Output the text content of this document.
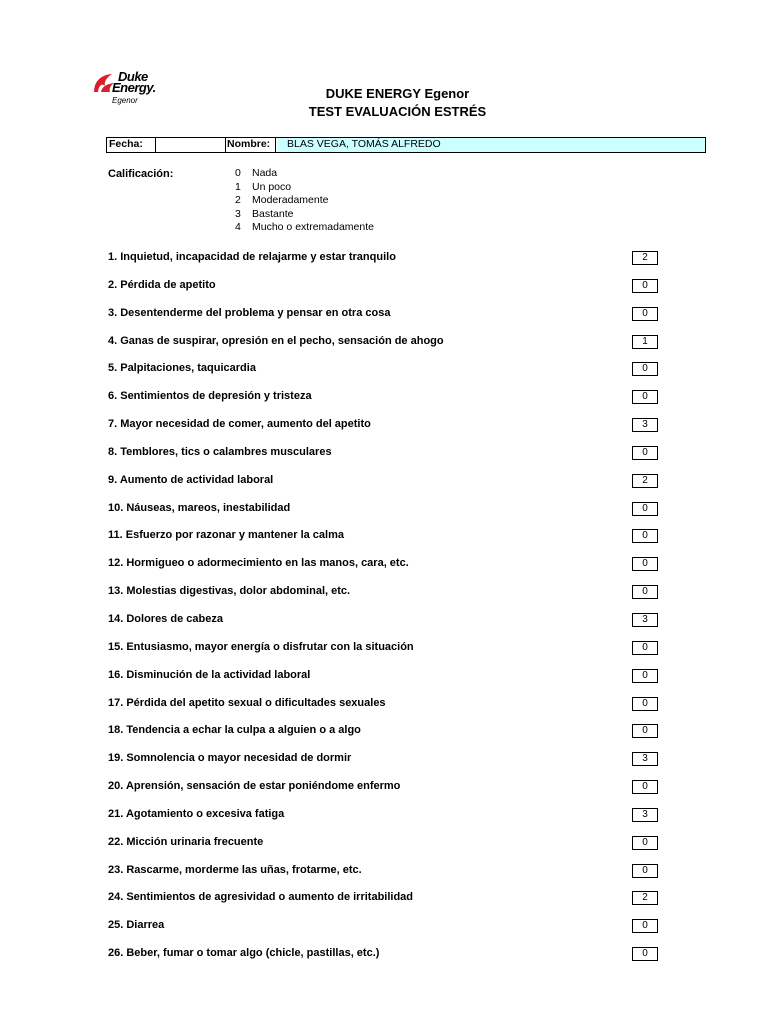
Duke
Energy.
Egenor	DUKE ENERGY Egenor
TEST EVALUACIÓN ESTRÉS
Fecha:	Nombre:	BLAS VEGA, TOMÁS ALFREDO
Calificación:	0 Nada
1 Un poco
2 Moderadamente
3 Bastante
4 Mucho o extremadamente
1. Inquietud, incapacidad de relajarme y estar tranquilo	2
2. Pérdida de apetito	0
3. Desentenderme del problema y pensar en otra cosa	0
4. Ganas de suspirar, opresión en el pecho, sensación de ahogo	1
5. Palpitaciones, taquicardia	0
6. Sentimientos de depresión y tristeza	0
7. Mayor necesidad de comer, aumento del apetito	3
8. Temblores, tics o calambres musculares	0
9. Aumento de actividad laboral	2
10. Náuseas, mareos, inestabilidad	0
11. Esfuerzo por razonar y mantener la calma	0
12. Hormigueo o adormecimiento en las manos, cara, etc.	0
13. Molestias digestivas, dolor abdominal, etc.	0
14. Dolores de cabeza	3
15. Entusiasmo, mayor energía o disfrutar con la situación	0
16. Disminución de la actividad laboral	0
17. Pérdida del apetito sexual o dificultades sexuales	0
18. Tendencia a echar la culpa a alguien o a algo	0
19. Somnolencia o mayor necesidad de dormir	3
20. Aprensión, sensación de estar poniéndome enfermo	0
21. Agotamiento o excesiva fatiga	3
22. Micción urinaria frecuente	0
23. Rascarme, morderme las uñas, frotarme, etc.	0
24. Sentimientos de agresividad o aumento de irritabilidad	2
25. Diarrea	0
26. Beber, fumar o tomar algo (chicle, pastillas, etc.)	0
